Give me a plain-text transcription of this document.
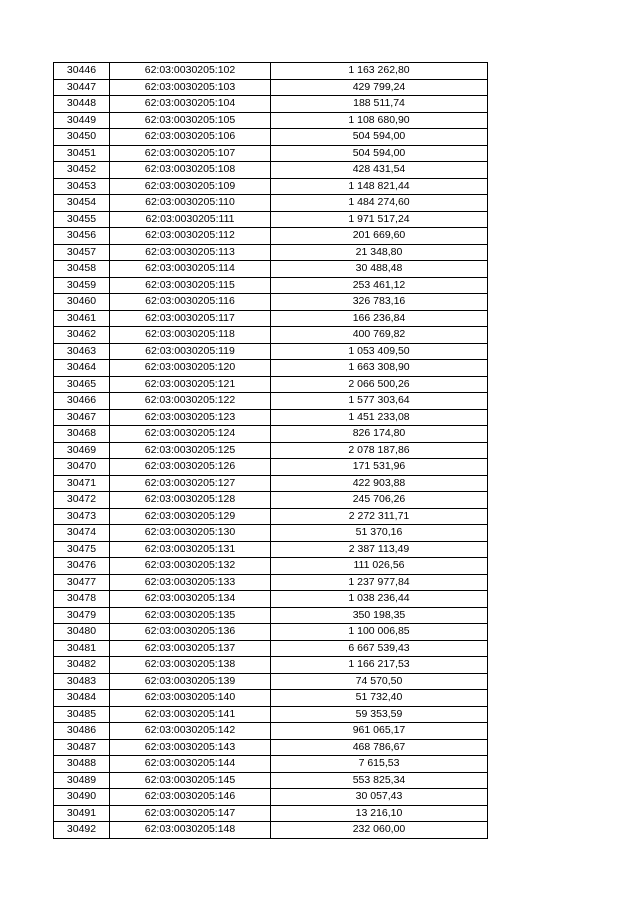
30446	62:03:0030205:102	1 163 262,80
30447	62:03:0030205:103	429 799,24
30448	62:03:0030205:104	188 511,74
30449	62:03:0030205:105	1 108 680,90
30450	62:03:0030205:106	504 594,00
30451	62:03:0030205:107	504 594,00
30452	62:03:0030205:108	428 431,54
30453	62:03:0030205:109	1 148 821,44
30454	62:03:0030205:110	1 484 274,60
30455	62:03:0030205:111	1 971 517,24
30456	62:03:0030205:112	201 669,60
30457	62:03:0030205:113	21 348,80
30458	62:03:0030205:114	30 488,48
30459	62:03:0030205:115	253 461,12
30460	62:03:0030205:116	326 783,16
30461	62:03:0030205:117	166 236,84
30462	62:03:0030205:118	400 769,82
30463	62:03:0030205:119	1 053 409,50
30464	62:03:0030205:120	1 663 308,90
30465	62:03:0030205:121	2 066 500,26
30466	62:03:0030205:122	1 577 303,64
30467	62:03:0030205:123	1 451 233,08
30468	62:03:0030205:124	826 174,80
30469	62:03:0030205:125	2 078 187,86
30470	62:03:0030205:126	171 531,96
30471	62:03:0030205:127	422 903,88
30472	62:03:0030205:128	245 706,26
30473	62:03:0030205:129	2 272 311,71
30474	62:03:0030205:130	51 370,16
30475	62:03:0030205:131	2 387 113,49
30476	62:03:0030205:132	111 026,56
30477	62:03:0030205:133	1 237 977,84
30478	62:03:0030205:134	1 038 236,44
30479	62:03:0030205:135	350 198,35
30480	62:03:0030205:136	1 100 006,85
30481	62:03:0030205:137	6 667 539,43
30482	62:03:0030205:138	1 166 217,53
30483	62:03:0030205:139	74 570,50
30484	62:03:0030205:140	51 732,40
30485	62:03:0030205:141	59 353,59
30486	62:03:0030205:142	961 065,17
30487	62:03:0030205:143	468 786,67
30488	62:03:0030205:144	7 615,53
30489	62:03:0030205:145	553 825,34
30490	62:03:0030205:146	30 057,43
30491	62:03:0030205:147	13 216,10
30492	62:03:0030205:148	232 060,00
